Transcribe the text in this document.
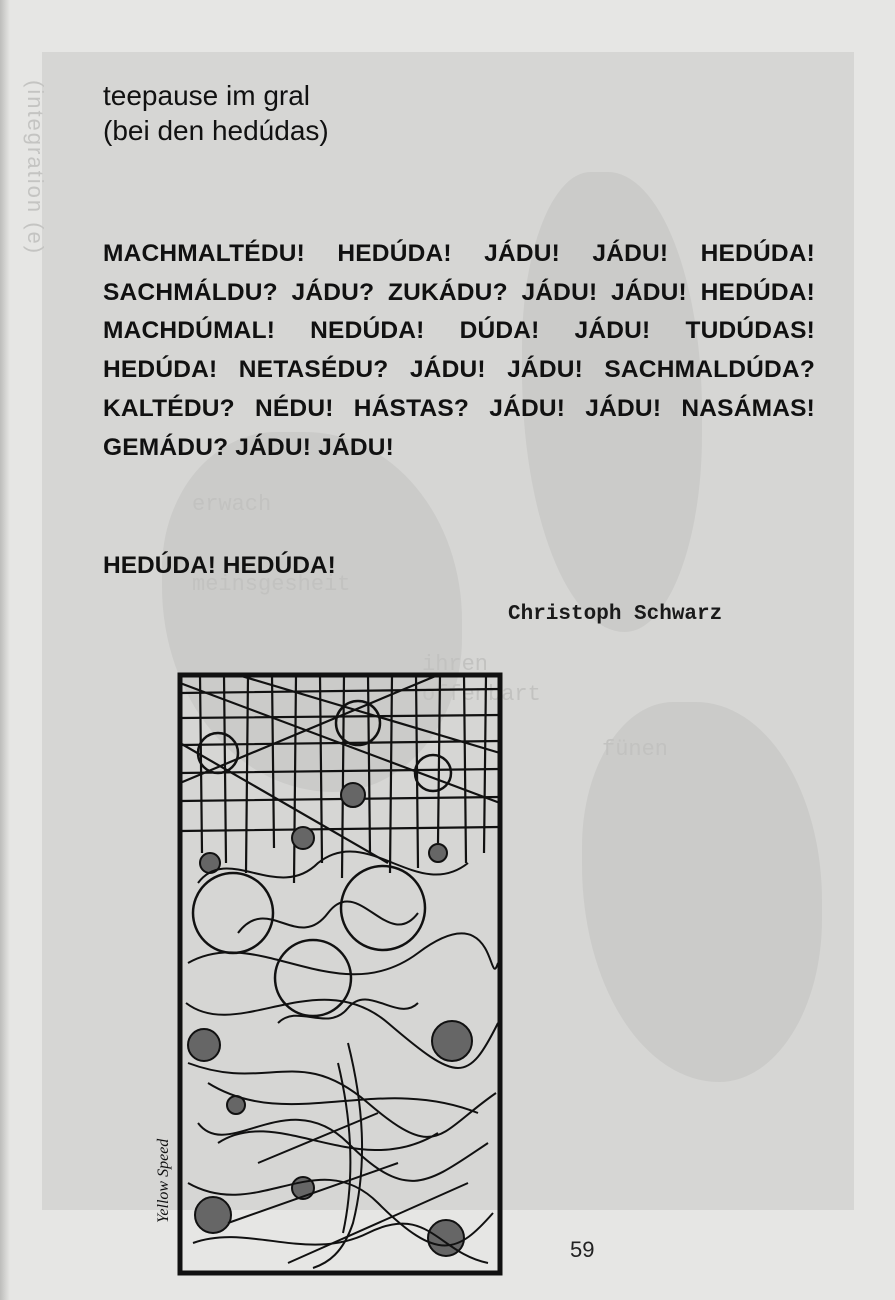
erwach
meinsgesheit
ihren
offenbart
fünen
(integration (e) teepause im gral
(bei den hedúdas)
MACHMALTÉDU! HEDÚDA! JÁDU! JÁDU! HEDÚDA! SACHMÁLDU? JÁDU? ZUKÁDU? JÁDU! JÁDU! HEDÚDA! MACHDÚMAL! NEDÚDA! DÚDA! JÁDU! TUDÚDAS! HEDÚDA! NETASÉDU? JÁDU! JÁDU! SACHMALDÚDA? KALTÉDU? NÉDU! HÁSTAS? JÁDU! JÁDU! NASÁMAS! GEMÁDU? JÁDU! JÁDU!
HEDÚDA! HEDÚDA!
Christoph Schwarz
Yellow Speed
59
